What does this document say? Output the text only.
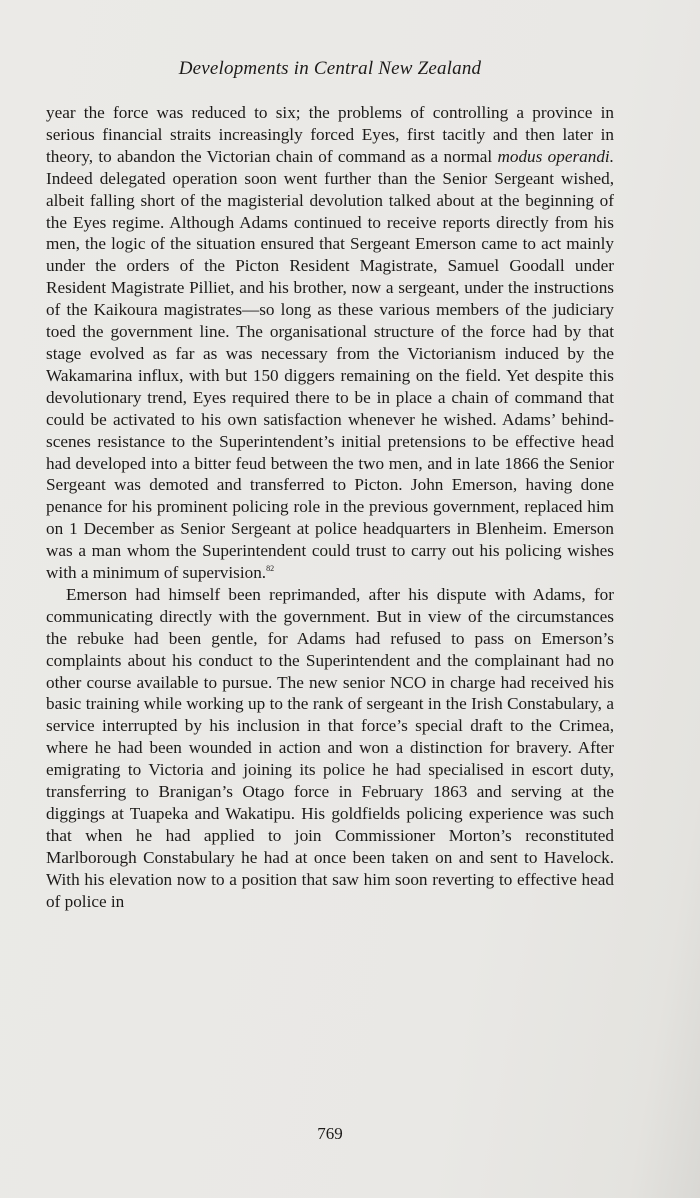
Developments in Central New Zealand

year the force was reduced to six; the problems of controlling a province in serious financial straits increasingly forced Eyes, first tacitly and then later in theory, to abandon the Victorian chain of command as a normal modus operandi. Indeed delegated operation soon went further than the Senior Sergeant wished, albeit falling short of the magisterial devolution talked about at the beginning of the Eyes regime. Although Adams continued to receive reports directly from his men, the logic of the situation ensured that Sergeant Emerson came to act mainly under the orders of the Picton Resident Magistrate, Samuel Goodall under Resident Magistrate Pilliet, and his brother, now a sergeant, under the instructions of the Kaikoura magistrates—so long as these various members of the judiciary toed the government line. The organisational structure of the force had by that stage evolved as far as was necessary from the Victorianism induced by the Wakamarina influx, with but 150 diggers remaining on the field. Yet despite this devolutionary trend, Eyes required there to be in place a chain of command that could be activated to his own satisfaction whenever he wished. Adams’ behind-scenes resistance to the Superintendent’s initial pretensions to be effective head had developed into a bitter feud between the two men, and in late 1866 the Senior Sergeant was demoted and transferred to Picton. John Emerson, having done penance for his prominent policing role in the previous government, replaced him on 1 December as Senior Sergeant at police headquarters in Blenheim. Emerson was a man whom the Superintendent could trust to carry out his policing wishes with a minimum of supervision.$^{82}$

Emerson had himself been reprimanded, after his dispute with Adams, for communicating directly with the government. But in view of the circumstances the rebuke had been gentle, for Adams had refused to pass on Emerson’s complaints about his conduct to the Superintendent and the complainant had no other course available to pursue. The new senior NCO in charge had received his basic training while working up to the rank of sergeant in the Irish Constabulary, a service interrupted by his inclusion in that force’s special draft to the Crimea, where he had been wounded in action and won a distinction for bravery. After emigrating to Victoria and joining its police he had specialised in escort duty, transferring to Branigan’s Otago force in February 1863 and serving at the diggings at Tuapeka and Wakatipu. His goldfields policing experience was such that when he had applied to join Commissioner Morton’s reconstituted Marlborough Constabulary he had at once been taken on and sent to Havelock. With his elevation now to a position that saw him soon reverting to effective head of police in

769
